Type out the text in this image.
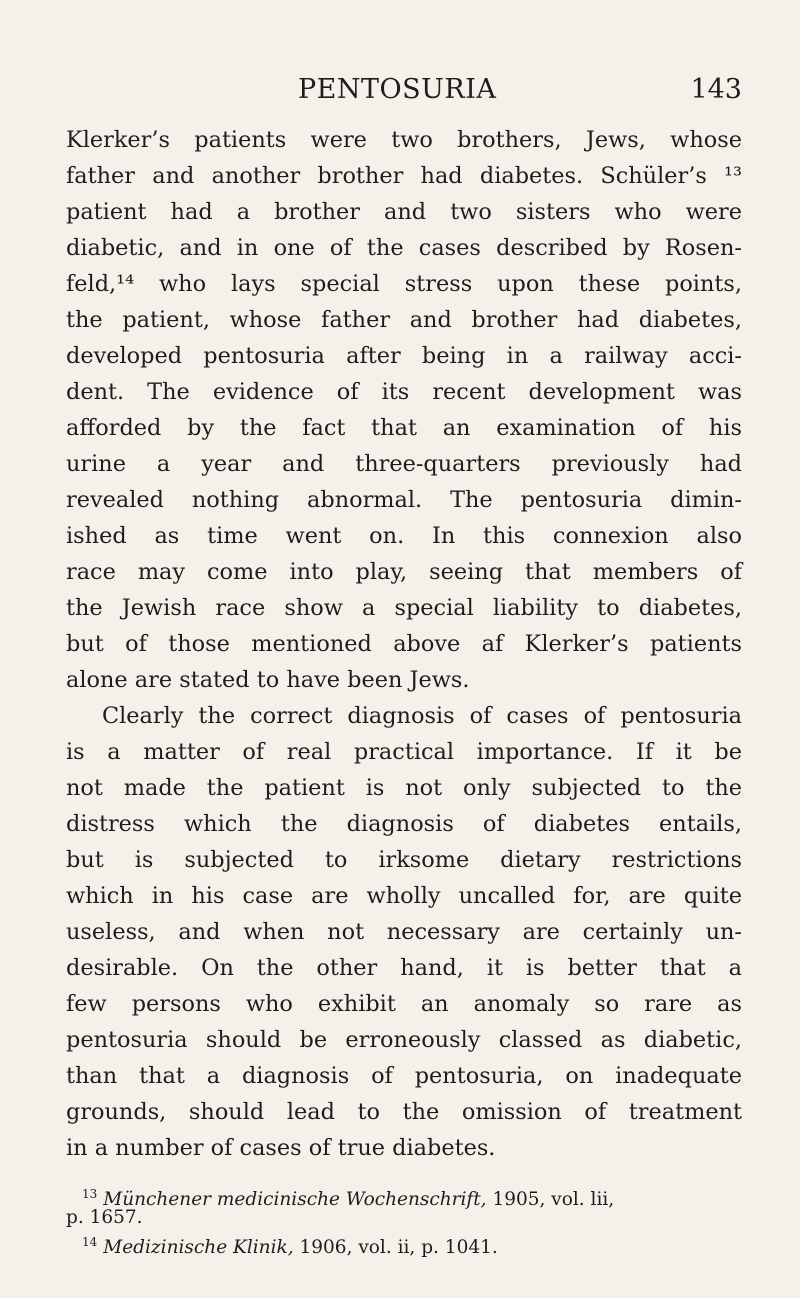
PENTOSURIA	143
Klerker’s patients were two brothers, Jews, whose
father and another brother had diabetes. Schüler’s ¹³
patient had a brother and two sisters who were
diabetic, and in one of the cases described by Rosen-
feld,¹⁴ who lays special stress upon these points,
the patient, whose father and brother had diabetes,
developed pentosuria after being in a railway acci-
dent. The evidence of its recent development was
afforded by the fact that an examination of his
urine a year and three-quarters previously had
revealed nothing abnormal. The pentosuria dimin-
ished as time went on. In this connexion also
race may come into play, seeing that members of
the Jewish race show a special liability to diabetes,
but of those mentioned above af Klerker’s patients
alone are stated to have been Jews.
Clearly the correct diagnosis of cases of pentosuria
is a matter of real practical importance. If it be
not made the patient is not only subjected to the
distress which the diagnosis of diabetes entails,
but is subjected to irksome dietary restrictions
which in his case are wholly uncalled for, are quite
useless, and when not necessary are certainly un-
desirable. On the other hand, it is better that a
few persons who exhibit an anomaly so rare as
pentosuria should be erroneously classed as diabetic,
than that a diagnosis of pentosuria, on inadequate
grounds, should lead to the omission of treatment
in a number of cases of true diabetes.
$^{13}$ Münchener medicinische Wochenschrift, 1905, vol. lii,
p. 1657.
$^{14}$ Medizinische Klinik, 1906, vol. ii, p. 1041.
